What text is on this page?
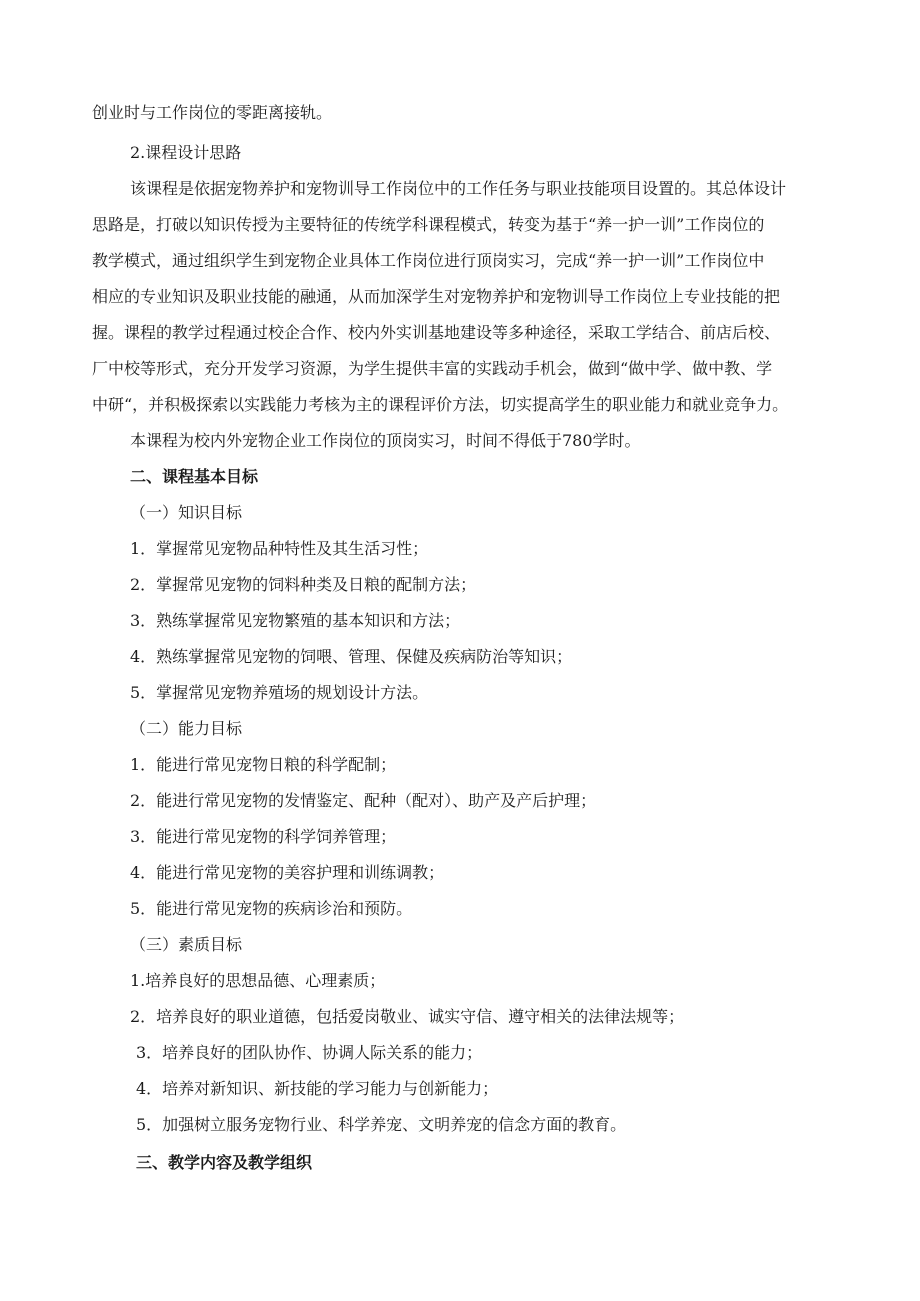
创业时与工作岗位的零距离接轨。
2.课程设计思路
该课程是依据宠物养护和宠物训导工作岗位中的工作任务与职业技能项目设置的。其总体设计
思路是，打破以知识传授为主要特征的传统学科课程模式，转变为基于“养一护一训”工作岗位的
教学模式，通过组织学生到宠物企业具体工作岗位进行顶岗实习，完成“养一护一训”工作岗位中
相应的专业知识及职业技能的融通，从而加深学生对宠物养护和宠物训导工作岗位上专业技能的把
握。课程的教学过程通过校企合作、校内外实训基地建设等多种途径，采取工学结合、前店后校、
厂中校等形式，充分开发学习资源，为学生提供丰富的实践动手机会，做到“做中学、做中教、学
中研“，并积极探索以实践能力考核为主的课程评价方法，切实提高学生的职业能力和就业竞争力。
本课程为校内外宠物企业工作岗位的顶岗实习，时间不得低于780学时。
二、课程基本目标
（一）知识目标
1．掌握常见宠物品种特性及其生活习性；
2．掌握常见宠物的饲料种类及日粮的配制方法；
3．熟练掌握常见宠物繁殖的基本知识和方法；
4．熟练掌握常见宠物的饲喂、管理、保健及疾病防治等知识；
5．掌握常见宠物养殖场的规划设计方法。
（二）能力目标
1．能进行常见宠物日粮的科学配制；
2．能进行常见宠物的发情鉴定、配种（配对）、助产及产后护理；
3．能进行常见宠物的科学饲养管理；
4．能进行常见宠物的美容护理和训练调教；
5．能进行常见宠物的疾病诊治和预防。
（三）素质目标
1.培养良好的思想品德、心理素质；
2．培养良好的职业道德，包括爱岗敬业、诚实守信、遵守相关的法律法规等；
3．培养良好的团队协作、协调人际关系的能力；
4．培养对新知识、新技能的学习能力与创新能力；
5．加强树立服务宠物行业、科学养宠、文明养宠的信念方面的教育。
三、教学内容及教学组织
